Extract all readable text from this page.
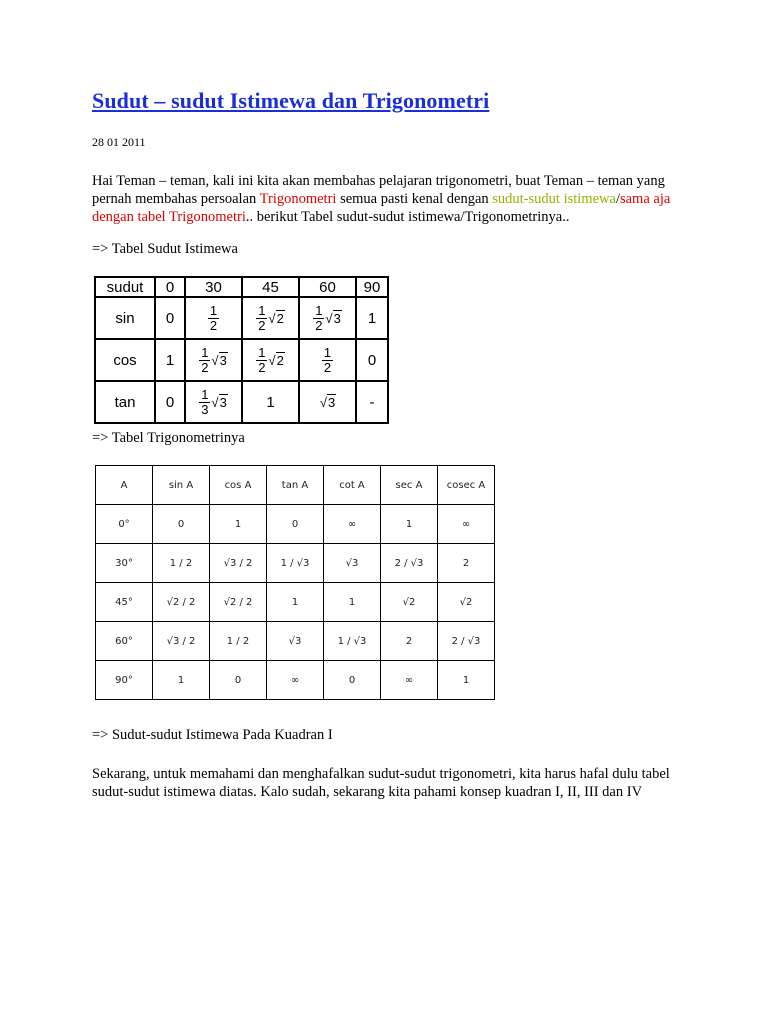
Sudut – sudut Istimewa dan Trigonometri
28 01 2011
Hai Teman – teman, kali ini kita akan membahas pelajaran trigonometri, buat Teman – teman yang pernah membahas persoalan Trigonometri semua pasti kenal dengan sudut-sudut istimewa/sama aja dengan tabel Trigonometri.. berikut Tabel sudut-sudut istimewa/Trigonometrinya..
=> Tabel Sudut Istimewa
sudut	0	30	45	60	90
sin	0	$\frac{1}{2}$	$\frac{1}{2} √2$	$\frac{1}{2} √3$	1
cos	1	$\frac{1}{2} √3$	$\frac{1}{2} √2$	$\frac{1}{2}$	0
tan	0	$\frac{1}{3} √3$	1	√3	-
=> Tabel Trigonometrinya
A	sin A	cos A	tan A	cot A	sec A	cosec A
0°	0	1	0	∞	1	∞
30°	1 / 2	√3 / 2	1 / √3	√3	2 / √3	2
45°	√2 / 2	√2 / 2	1	1	√2	√2
60°	√3 / 2	1 / 2	√3	1 / √3	2	2 / √3
90°	1	0	∞	0	∞	1
=> Sudut-sudut Istimewa Pada Kuadran I
Sekarang, untuk memahami dan menghafalkan sudut-sudut trigonometri, kita harus hafal dulu tabel sudut-sudut istimewa diatas. Kalo sudah, sekarang kita pahami konsep kuadran I, II, III dan IV
